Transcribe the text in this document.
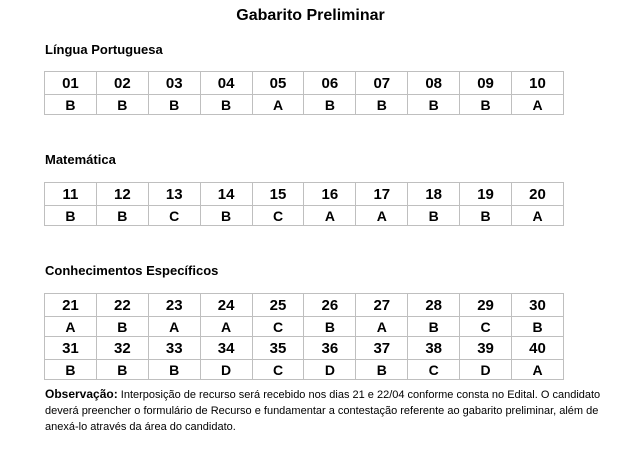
Gabarito Preliminar
Língua Portuguesa
01	02	03	04	05	06	07	08	09	10
B	B	B	B	A	B	B	B	B	A
Matemática
11	12	13	14	15	16	17	18	19	20
B	B	C	B	C	A	A	B	B	A
Conhecimentos Específicos
21	22	23	24	25	26	27	28	29	30
A	B	A	A	C	B	A	B	C	B
31	32	33	34	35	36	37	38	39	40
B	B	B	D	C	D	B	C	D	A
Observação: Interposição de recurso será recebido nos dias 21 e 22/04 conforme consta no Edital. O candidato deverá preencher o formulário de Recurso e fundamentar a contestação referente ao gabarito preliminar, além de anexá-lo através da área do candidato.
